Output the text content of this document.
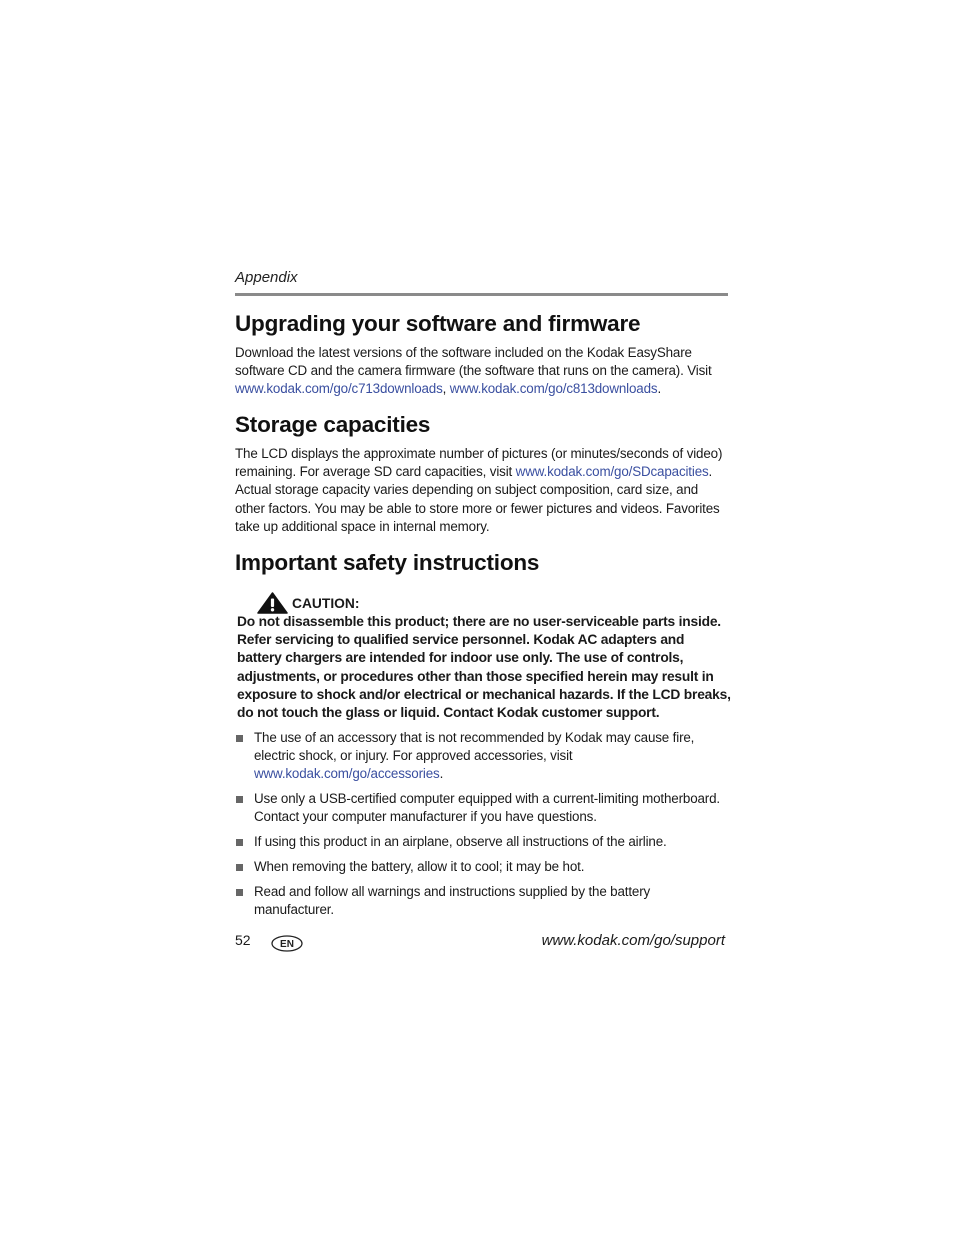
Appendix
Upgrading your software and firmware

Download the latest versions of the software included on the Kodak EasyShare software CD and the camera firmware (the software that runs on the camera). Visit www.kodak.com/go/c713downloads, www.kodak.com/go/c813downloads.

Storage capacities

The LCD displays the approximate number of pictures (or minutes/seconds of video) remaining. For average SD card capacities, visit www.kodak.com/go/SDcapacities. Actual storage capacity varies depending on subject composition, card size, and other factors. You may be able to store more or fewer pictures and videos. Favorites take up additional space in internal memory.

Important safety instructions
CAUTION:
Do not disassemble this product; there are no user-serviceable parts inside. Refer servicing to qualified service personnel. Kodak AC adapters and battery chargers are intended for indoor use only. The use of controls, adjustments, or procedures other than those specified herein may result in exposure to shock and/or electrical or mechanical hazards. If the LCD breaks, do not touch the glass or liquid. Contact Kodak customer support.
The use of an accessory that is not recommended by Kodak may cause fire, electric shock, or injury. For approved accessories, visit www.kodak.com/go/accessories.
Use only a USB-certified computer equipped with a current-limiting motherboard. Contact your computer manufacturer if you have questions.
If using this product in an airplane, observe all instructions of the airline.
When removing the battery, allow it to cool; it may be hot.
Read and follow all warnings and instructions supplied by the battery manufacturer.
52	EN	www.kodak.com/go/support
